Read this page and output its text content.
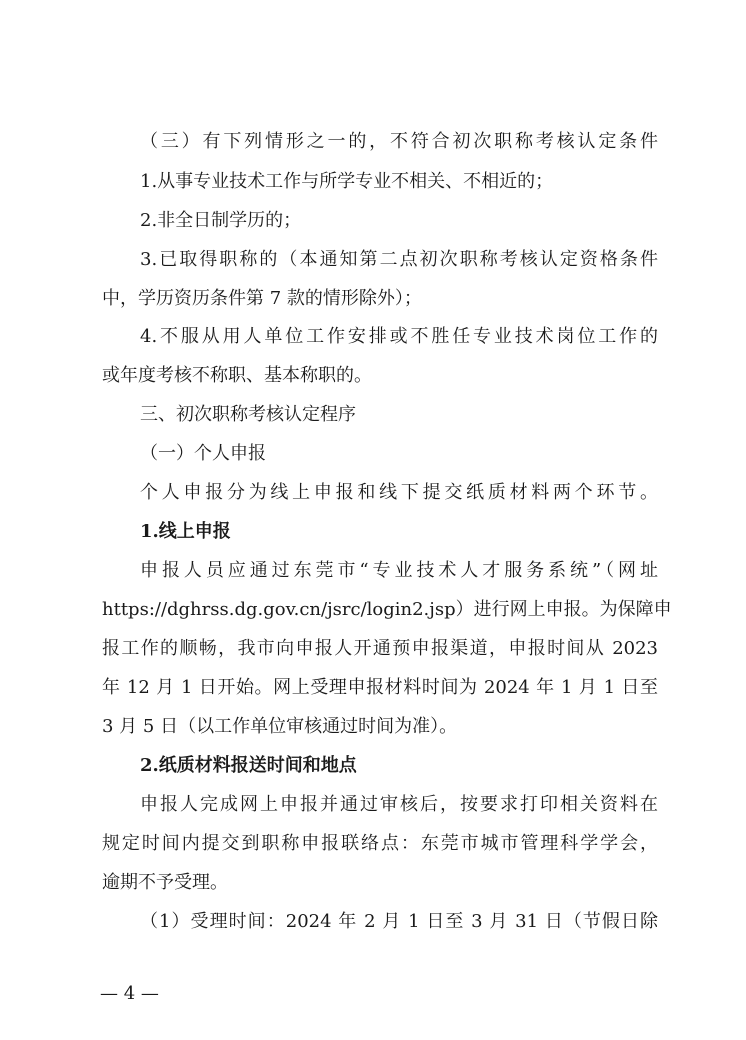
（三）有下列情形之一的，不符合初次职称考核认定条件
1.从事专业技术工作与所学专业不相关、不相近的；
2.非全日制学历的；
3.已取得职称的（本通知第二点初次职称考核认定资格条件
中，学历资历条件第 7 款的情形除外）；
4.不服从用人单位工作安排或不胜任专业技术岗位工作的
或年度考核不称职、基本称职的。
三、初次职称考核认定程序
（一）个人申报
个人申报分为线上申报和线下提交纸质材料两个环节。
1.线上申报
申报人员应通过东莞市“专业技术人才服务系统”（网址
https://dghrss.dg.gov.cn/jsrc/login2.jsp）进行网上申报。为保障申
报工作的顺畅，我市向申报人开通预申报渠道，申报时间从 2023
年 12 月 1 日开始。网上受理申报材料时间为 2024 年 1 月 1 日至
3 月 5 日（以工作单位审核通过时间为准）。
2.纸质材料报送时间和地点
申报人完成网上申报并通过审核后，按要求打印相关资料在
规定时间内提交到职称申报联络点：东莞市城市管理科学学会，
逾期不予受理。
（1）受理时间：2024 年 2 月 1 日至 3 月 31 日（节假日除
— 4 —
